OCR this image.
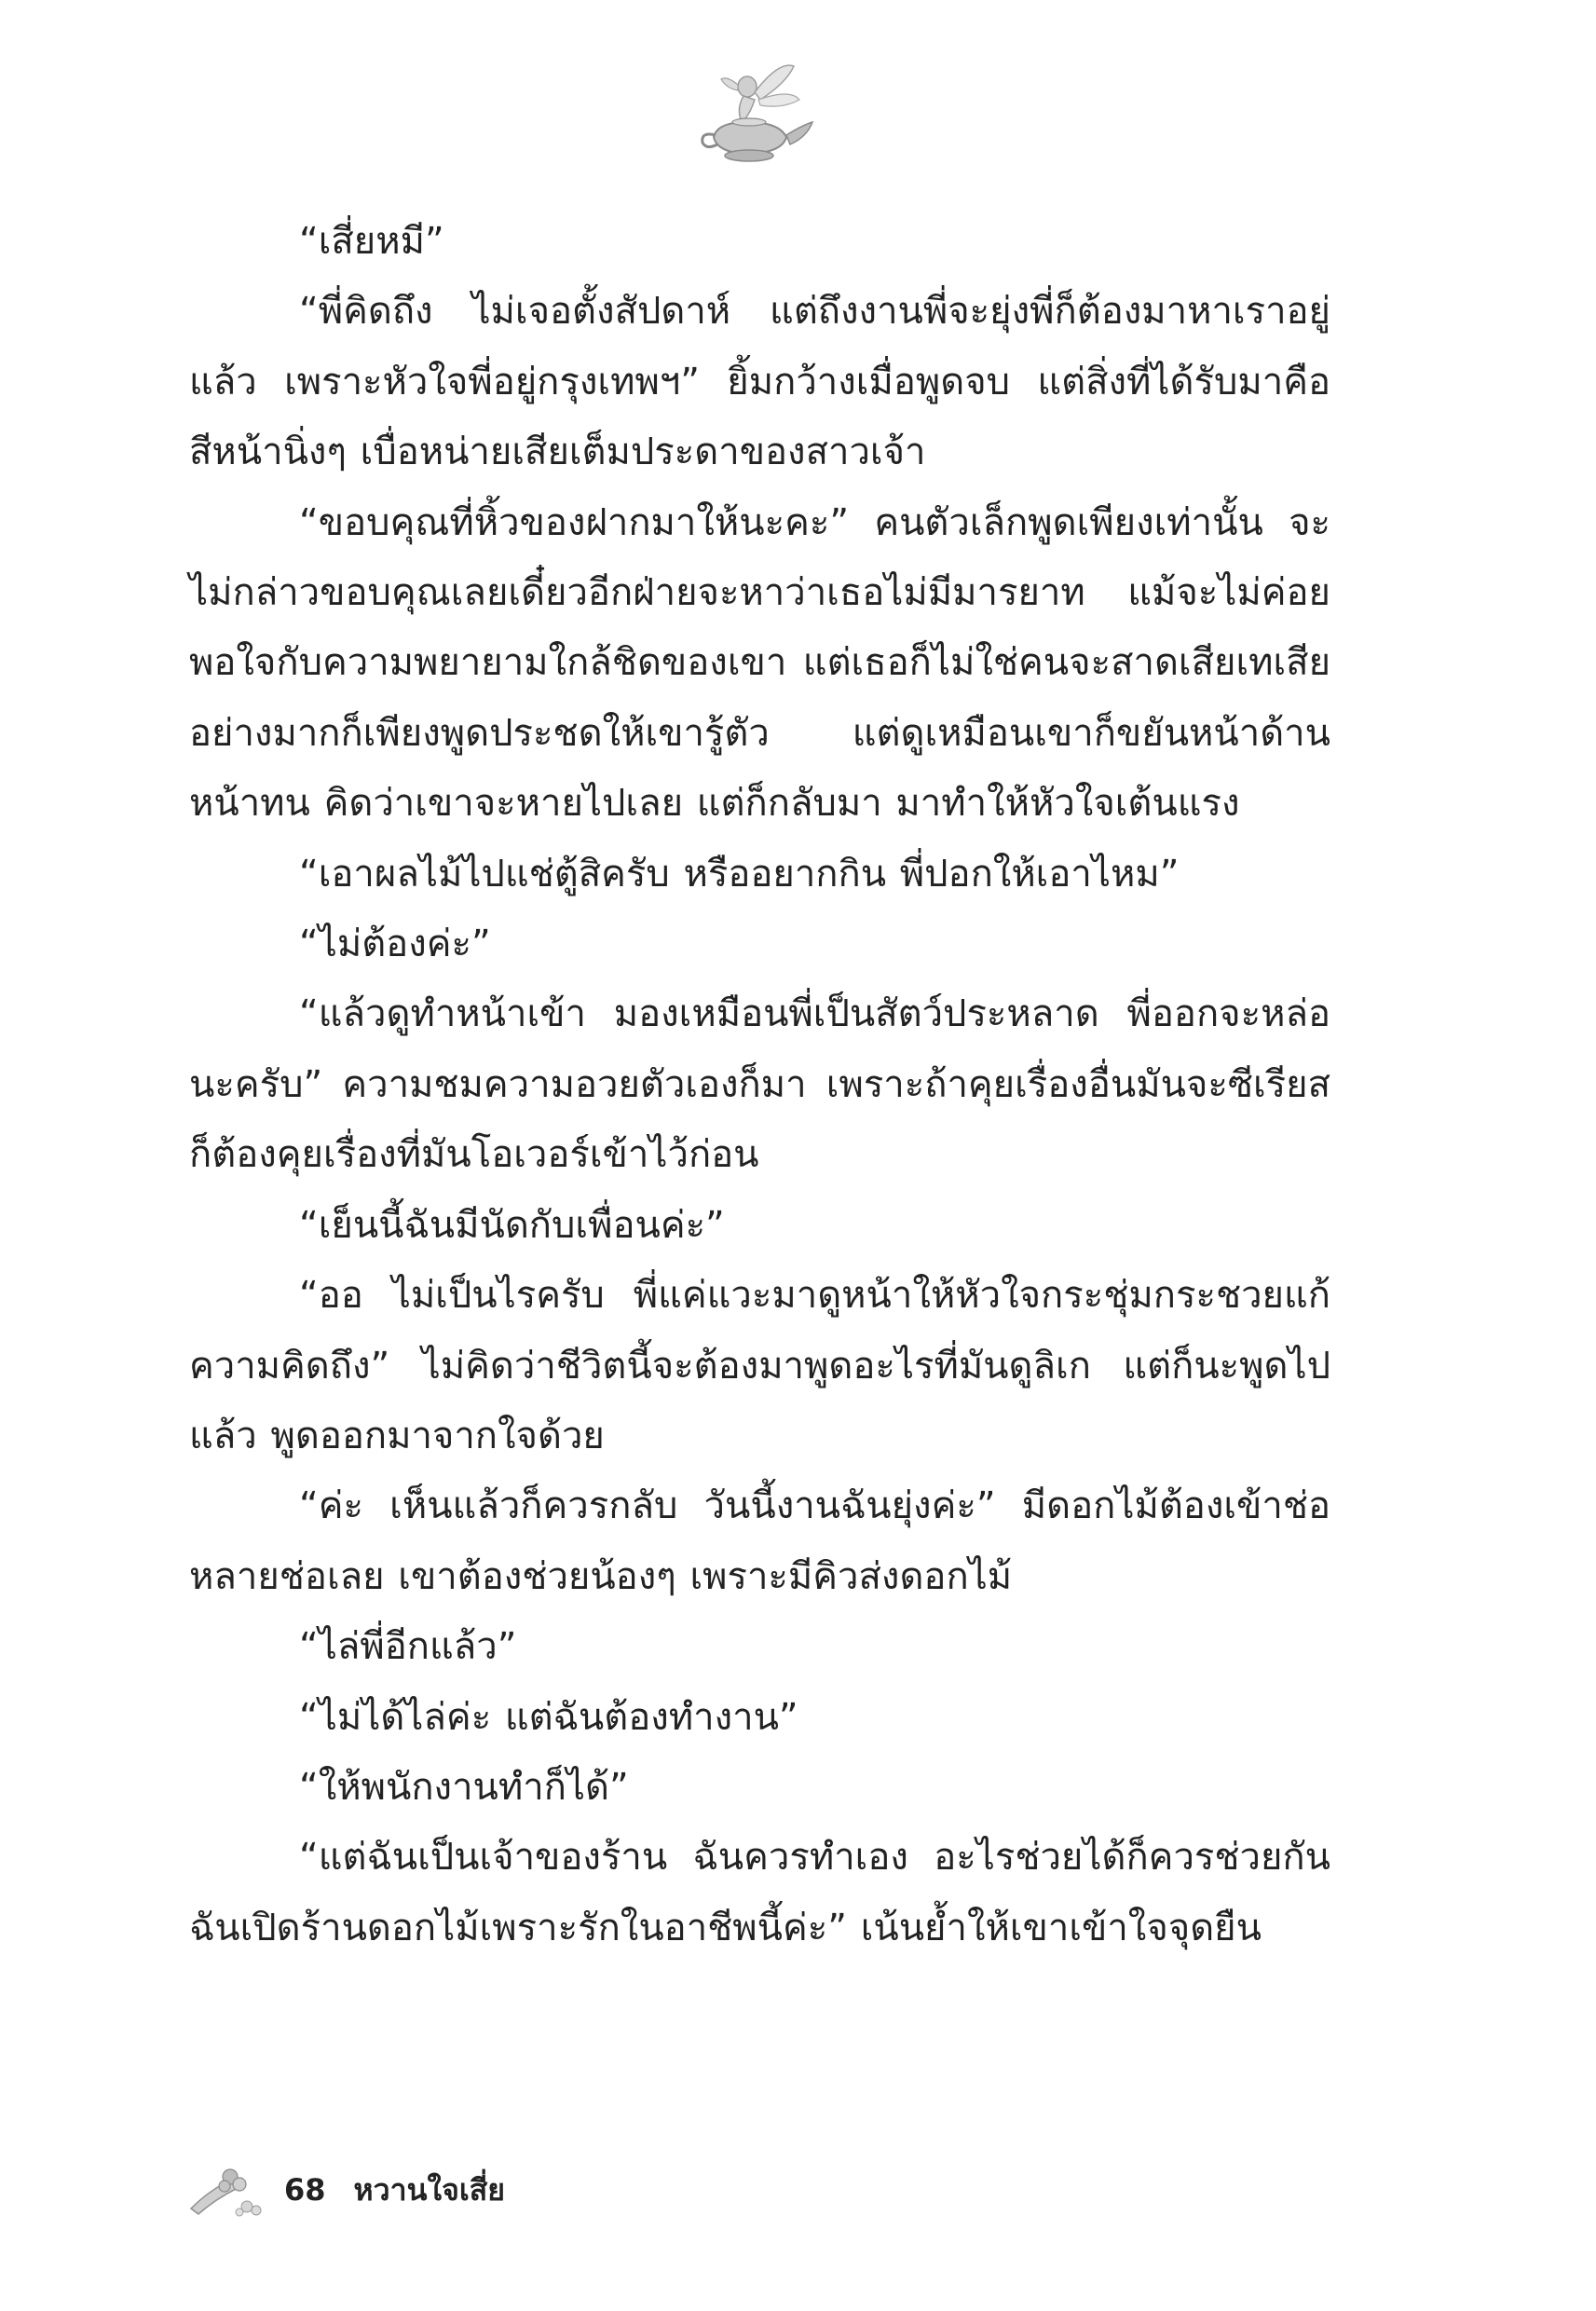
“เสี่ยหมี”

“พี่คิดถึง ไม่เจอตั้งสัปดาห์ แต่ถึงงานพี่จะยุ่งพี่ก็ต้องมาหาเราอยู่แล้ว เพราะหัวใจพี่อยู่กรุงเทพฯ” ยิ้มกว้างเมื่อพูดจบ แต่สิ่งที่ได้รับมาคือสีหน้านิ่งๆ เบื่อหน่ายเสียเต็มประดาของสาวเจ้า

“ขอบคุณที่หิ้วของฝากมาให้นะคะ” คนตัวเล็กพูดเพียงเท่านั้น จะไม่กล่าวขอบคุณเลยเดี๋ยวอีกฝ่ายจะหาว่าเธอไม่มีมารยาท แม้จะไม่ค่อยพอใจกับความพยายามใกล้ชิดของเขา แต่เธอก็ไม่ใช่คนจะสาดเสียเทเสีย อย่างมากก็เพียงพูดประชดให้เขารู้ตัว แต่ดูเหมือนเขาก็ขยันหน้าด้านหน้าทน คิดว่าเขาจะหายไปเลย แต่ก็กลับมา มาทำให้หัวใจเต้นแรง

“เอาผลไม้ไปแช่ตู้สิครับ หรืออยากกิน พี่ปอกให้เอาไหม”

“ไม่ต้องค่ะ”

“แล้วดูทำหน้าเข้า มองเหมือนพี่เป็นสัตว์ประหลาด พี่ออกจะหล่อนะครับ” ความชมความอวยตัวเองก็มา เพราะถ้าคุยเรื่องอื่นมันจะซีเรียสก็ต้องคุยเรื่องที่มันโอเวอร์เข้าไว้ก่อน

“เย็นนี้ฉันมีนัดกับเพื่อนค่ะ”

“ออ ไม่เป็นไรครับ พี่แค่แวะมาดูหน้าให้หัวใจกระชุ่มกระชวยแก้ความคิดถึง” ไม่คิดว่าชีวิตนี้จะต้องมาพูดอะไรที่มันดูลิเก แต่ก็นะพูดไปแล้ว พูดออกมาจากใจด้วย

“ค่ะ เห็นแล้วก็ควรกลับ วันนี้งานฉันยุ่งค่ะ” มีดอกไม้ต้องเข้าช่อหลายช่อเลย เขาต้องช่วยน้องๆ เพราะมีคิวส่งดอกไม้

“ไล่พี่อีกแล้ว”

“ไม่ได้ไล่ค่ะ แต่ฉันต้องทำงาน”

“ให้พนักงานทำก็ได้”

“แต่ฉันเป็นเจ้าของร้าน ฉันควรทำเอง อะไรช่วยได้ก็ควรช่วยกัน ฉันเปิดร้านดอกไม้เพราะรักในอาชีพนี้ค่ะ” เน้นย้ำให้เขาเข้าใจจุดยืน

68 หวานใจเสี่ย
